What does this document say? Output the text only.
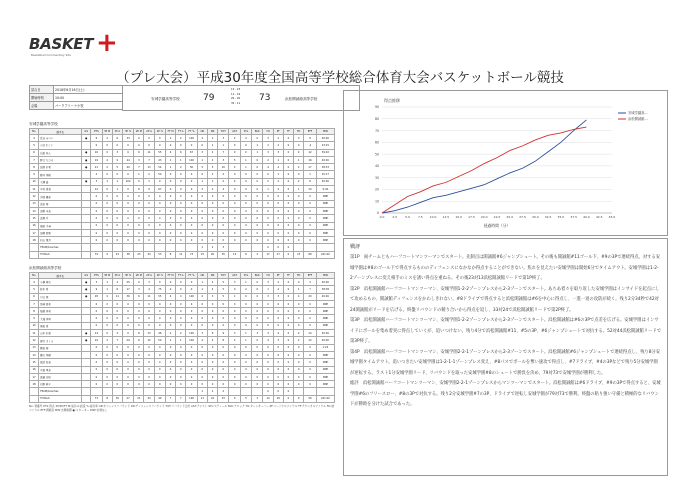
BASKET +
Basketball Commentary Site
（プレ大会）平成30年度全国高等学校総合体育大会バスケットボール競技
試合日	2018年6月16日(土)
開始時刻	10:00
会場	パークアリーナ小牧
安城学園高等学校	79
13 - 23
11 - 19
20 - 20
35 - 11 73	浜松開誠館高等学校
安城学園高等学校
No.	選手名	GS	PTS	3P M	3P A	3P %	2P M	2P A	2P %	FT M	FT A	FT %	OR	DR	TOT	AST	STL	BLK	TO	PF	TF	FD	EFF	MIN
4	長谷 みつい	●	6	2	6	33	0	0	0	2	2	100	2	1	3	2	4	0	3	2	0	3	8	40:00
5	小笠 わこい		0	0	0	0	0	0	0	0	0	0	0	1	1	0	0	1	2	2	0	0	-2	23:15
6	石田 ゆん	●	16	0	3	0	6	11	55	4	6	67	3	4	7	0	0	1	3	3	0	4	12	39:02
7	野口 ちひろ	●	19	4	9	44	3	7	43	1	1	100	1	2	3	5	1	0	2	1	0	1	16	40:00
8	田原 彩希	●	21	2	5	40	7	13	54	1	2	50	5	5	10	2	1	0	4	4	0	2	17	38:33
9	藤井 美帆		2	0	0	0	1	2	50	0	0	0	0	2	2	0	0	0	0	1	0	0	1	10:17
10	大瀬 遥	●	3	1	1	100	0	1	0	0	0	0	1	1	2	4	0	0	2	2	0	2	6	40:00
11	中村 恵菜		12	0	1	0	6	9	67	0	0	0	2	2	4	0	0	0	1	2	0	1	10	9:40
12	河西 優奈		0	0	0	0	0	0	0	0	0	0	0	0	0	0	0	0	0	0	0	0	0	DNP
13	高松 葵		0	0	0	0	0	0	0	0	0	0	0	0	0	0	0	0	0	0	0	0	0	DNP
14	浅野 未来		0	0	0	0	0	0	0	0	0	0	0	0	0	0	0	0	0	0	0	0	0	DNP
15	近藤 愛		0	0	0	0	0	0	0	0	0	0	0	0	0	0	0	0	0	0	0	0	0	DNP
16	福田 千尋		0	0	0	0	0	0	0	0	0	0	0	0	0	0	0	0	0	0	0	0	0	DNP
17	加藤 瑞希		0	0	0	0	0	0	0	0	0	0	0	0	0	0	0	0	0	0	0	0	0	DNP
18	杉山 葉月		0	0	0	0	0	0	0	0	0	0	0	0	0	0	0	0	0	0	0	0	0	DNP
	TEAM/Coaches												1	2	3				0	0	0			
	TOTALS		79	9	24	38	23	43	53	8	11	73	15	20	35	13	6	2	17	17	0	13	68	241:00
浜松開誠館高等学校
No.	選手名	GS	PTS	3P M	3P A	3P %	2P M	2P A	2P %	FT M	FT A	FT %	OR	DR	TOT	AST	STL	BLK	TO	PF	TF	FD	EFF	MIN
4	小柳 珠央	●	3	1	4	25	0	3	0	0	0	0	1	4	5	3	1	0	3	2	0	0	3	40:00
5	鈴木 希	●	9	1	6	17	3	4	75	0	0	0	1	4	5	0	2	0	1	4	0	1	7	38:38
6	川口 緑	●	28	4	11	36	6	11	55	4	4	100	2	3	5	1	0	0	3	3	0	4	20	40:00
7	宮崎 亜美		0	0	0	0	0	0	0	0	0	0	0	0	0	0	0	0	0	0	0	0	0	DNP
8	船越 美有		0	0	0	0	0	0	0	0	0	0	0	0	0	0	0	0	0	0	0	0	0	DNP
9	大城 美里		0	0	0	0	0	0	0	0	0	0	0	0	0	0	0	0	0	0	0	0	0	DNP
10	黒田 恵		0	0	0	0	0	0	0	0	0	0	0	0	0	0	0	0	0	0	0	0	0	DNP
11	山本 彩夏	●	14	0	2	0	6	13	46	2	2	100	3	6	9	3	1	3	3	4	0	2	14	40:00
12	網代 さくら	●	19	2	7	29	6	12	50	1	1	100	4	4	8	2	1	0	4	3	0	2	12	40:00
13	藤田 萌		0	0	0	0	0	0	0	0	0	0	0	0	0	0	0	0	0	0	0	0	0	1:22
14	樋口 美樹		0	0	0	0	0	0	0	0	0	0	0	0	0	0	0	0	0	0	0	0	0	DNP
15	渡辺 花音		0	0	0	0	0	0	0	0	0	0	0	0	0	0	0	0	0	0	0	0	0	DNP
16	中島 里奈		0	0	0	0	0	0	0	0	0	0	0	0	0	0	0	0	0	0	0	0	0	DNP
17	渡邉 沙紀		0	0	0	0	0	0	0	0	0	0	0	0	0	0	0	0	0	0	0	0	0	DNP
18	石野 莉子		0	0	0	0	0	0	0	0	0	0	0	0	0	0	0	0	0	0	0	0	0	DNP
	TEAM/Coaches												1	1	2				0	0	0			
	TOTALS		73	8	30	27	21	43	49	7	7	100	11	22	33	9	5	3	14	16	0	9	56	241:00
No.:背番号 PTS:得点 3P/2P/FT M:成功 A:試投 %:成功率 OR:オフェンスリバウンド DR:ディフェンスリバウンド TOT:リバウンド合計 AST:アシスト STL:スティール BLK:ブロック TO:ターンオーバー PF:パーソナルファウル TF:テクニカルファウル FD:被ファウル EFF:貢献度 MIN:出場時間 ●:スターター DNP:出場なし
得点推移
0
10
20
30
40
50
60
70
80
90
0.0	2.5	5.0	7.5 10.0 12.5 15.0 17.5 20.0 22.5 25.0 27.5 30.0 32.5 35.0 37.5 40.0 42.5 45.0
経過時間（分）
安城学園高...
浜松開誠館...
戦評

第1P　両チームともハーフコートマンツーマンでスタート。先制点は開誠館#6ジャンプシュート。その後も開誠館#11ゴール下、#9の3Pで連続得点。対する安城学園は#8のゴール下で得点するもののディフェンスになかなか得点することができない。焦れを見えたい安城学園は開始6分でタイムアウト。安城学園は1-2-2ゾーンプレスに変え相手のミスを誘い得点を重ねる。その後23対13浜松開誠館リードで第1P終了。

第2P　浜松開誠館ハーフコートマンツーマン、安城学園1-2-2ゾーンプレスから2-3ゾーンでスタート。あちあ着々を取り返した安城学園はインサイドを起点にして攻めるもの、開誠館ディフェンスをかわしきれない。#8ドライブで得点すると浜松開誠館は#6を中心に得点し、一進一退の攻防が続く。残り2分34秒で42対24開誠館がリードを広げる。終盤リバウンドの競り合いから得点を返し、33対24で浜松開誠館リードで第2P終了。

第3P　浜松開誠館ハーフコートマンツーマン、安城学園1-2-2ゾーンプレスから2-3ゾーンでスタート。浜松開誠館は#6の3Pで点差を広げる。安城学園はインサイドにボールを集め着実に得点していくが、追いつけない。残り4分で浜松開誠館#11、#5の3P、#6ジャンプシュートで対抗する。52対44浜松開誠館リードで第3P終了。

第4P　浜松開誠館ハーフコートマンツーマン、安城学園2-2-1ゾーンプレスから2-3ゾーンでスタート。浜松開誠館#6ジャンプシュートで連続得点し、残り8分安城学園タイムアウト。追いつきたい安城学園は1-2-1-1ゾーンプレス変え、#8パスでボールを奪い速攻で得点し、#7ドライブ、#4の3Pなどで残り5分安城学園が逆転する。ラスト1分安城学園リード、リバウンドを取った安城学園#8のシュートで勝負を決め、79対73で安城学園が勝利した。

総評　浜松開誠館ハーフコートマンツーマン、安城学園2-2-1ゾーンプレスからマンツーマンでスタート。浜松開誠館は#6ドライブ、#9の3Pで得点すると、安城学園#6のフリースロー、#8の3Pで対抗する。残り2分安城学園#7の3P、ドライブで逆転し安城学園が79対73で勝利。終盤の粘り強い守備と積極的なリバウンドが勝敗を分けた試合であった。
